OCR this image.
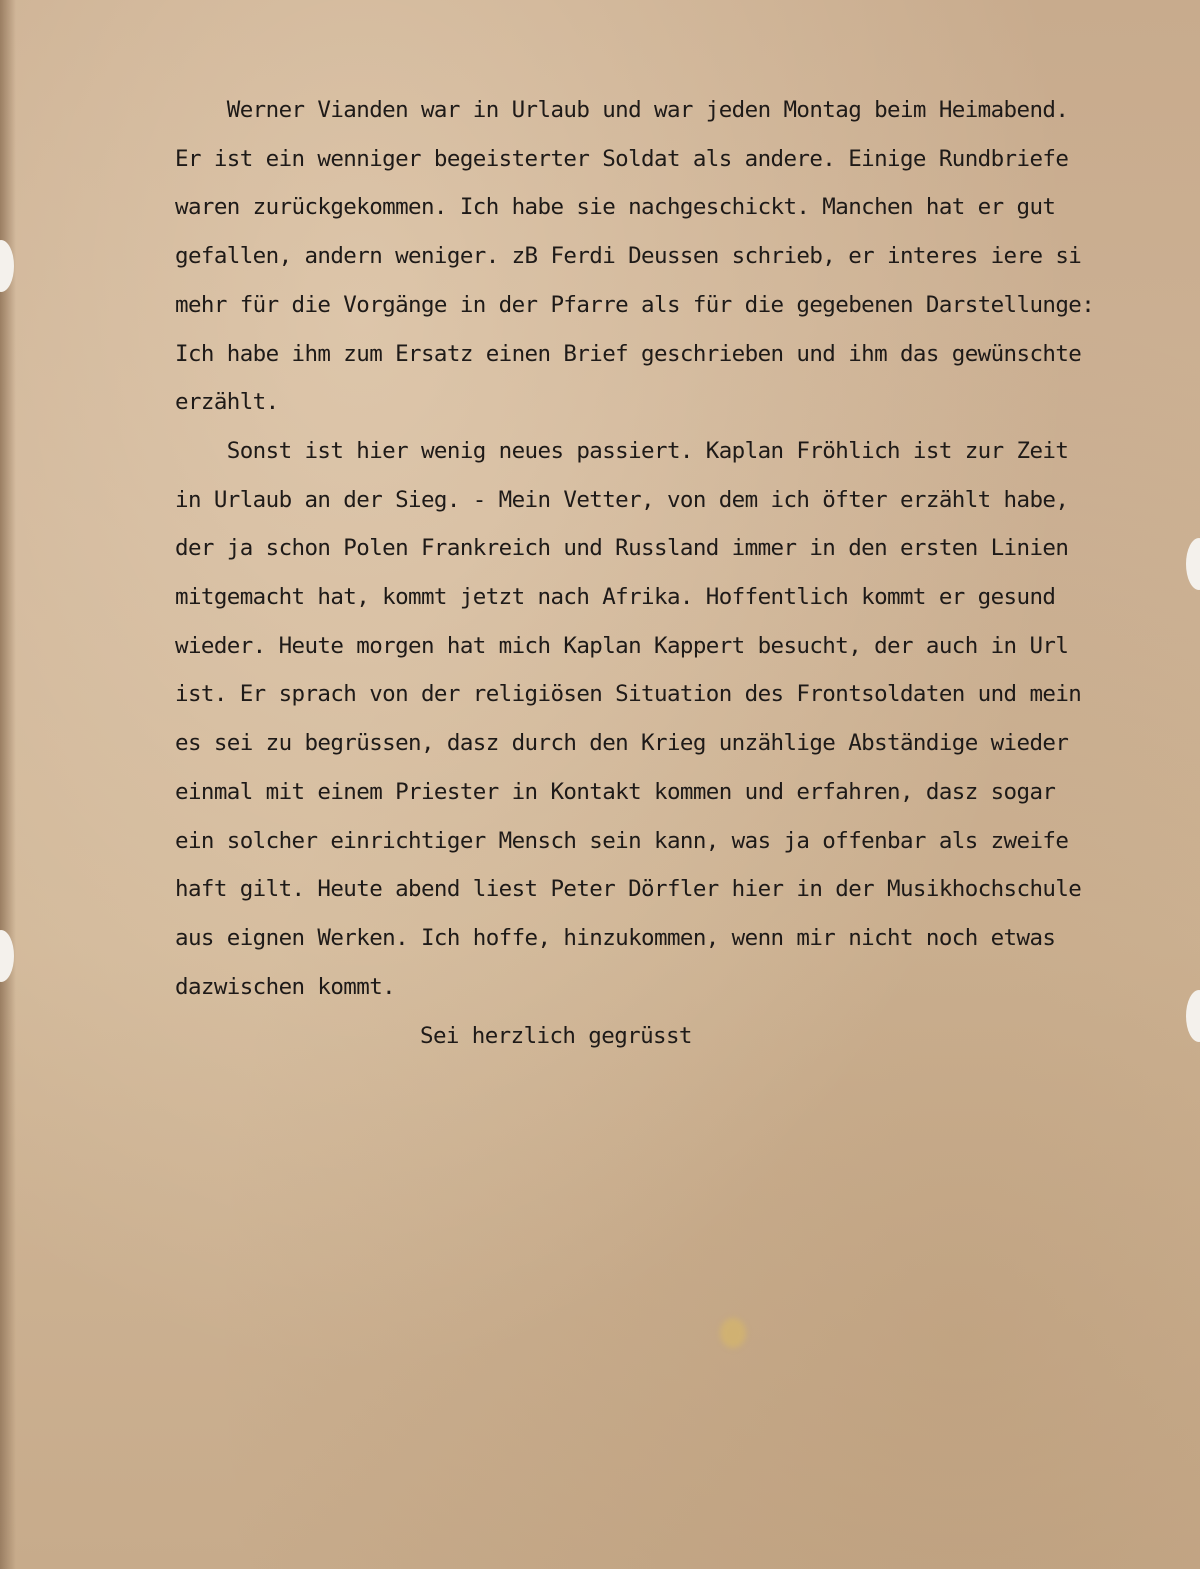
Werner Vianden war in Urlaub und war jeden Montag beim Heimabend.
Er ist ein wenniger begeisterter Soldat als andere. Einige Rundbriefe
waren zurückgekommen. Ich habe sie nachgeschickt. Manchen hat er gut
gefallen, andern weniger. zB Ferdi Deussen schrieb, er interes iere si
mehr für die Vorgänge in der Pfarre als für die gegebenen Darstellunge:
Ich habe ihm zum Ersatz einen Brief geschrieben und ihm das gewünschte
erzählt.
Sonst ist hier wenig neues passiert. Kaplan Fröhlich ist zur Zeit
in Urlaub an der Sieg. - Mein Vetter, von dem ich öfter erzählt habe,
der ja schon Polen Frankreich und Russland immer in den ersten Linien
mitgemacht hat, kommt jetzt nach Afrika. Hoffentlich kommt er gesund
wieder. Heute morgen hat mich Kaplan Kappert besucht, der auch in Url
ist. Er sprach von der religiösen Situation des Frontsoldaten und mein
es sei zu begrüssen, dasz durch den Krieg unzählige Abständige wieder
einmal mit einem Priester in Kontakt kommen und erfahren, dasz sogar
ein solcher einrichtiger Mensch sein kann, was ja offenbar als zweife
haft gilt. Heute abend liest Peter Dörfler hier in der Musikhochschule
aus eignen Werken. Ich hoffe, hinzukommen, wenn mir nicht noch etwas
dazwischen kommt.
Sei herzlich gegrüsst
